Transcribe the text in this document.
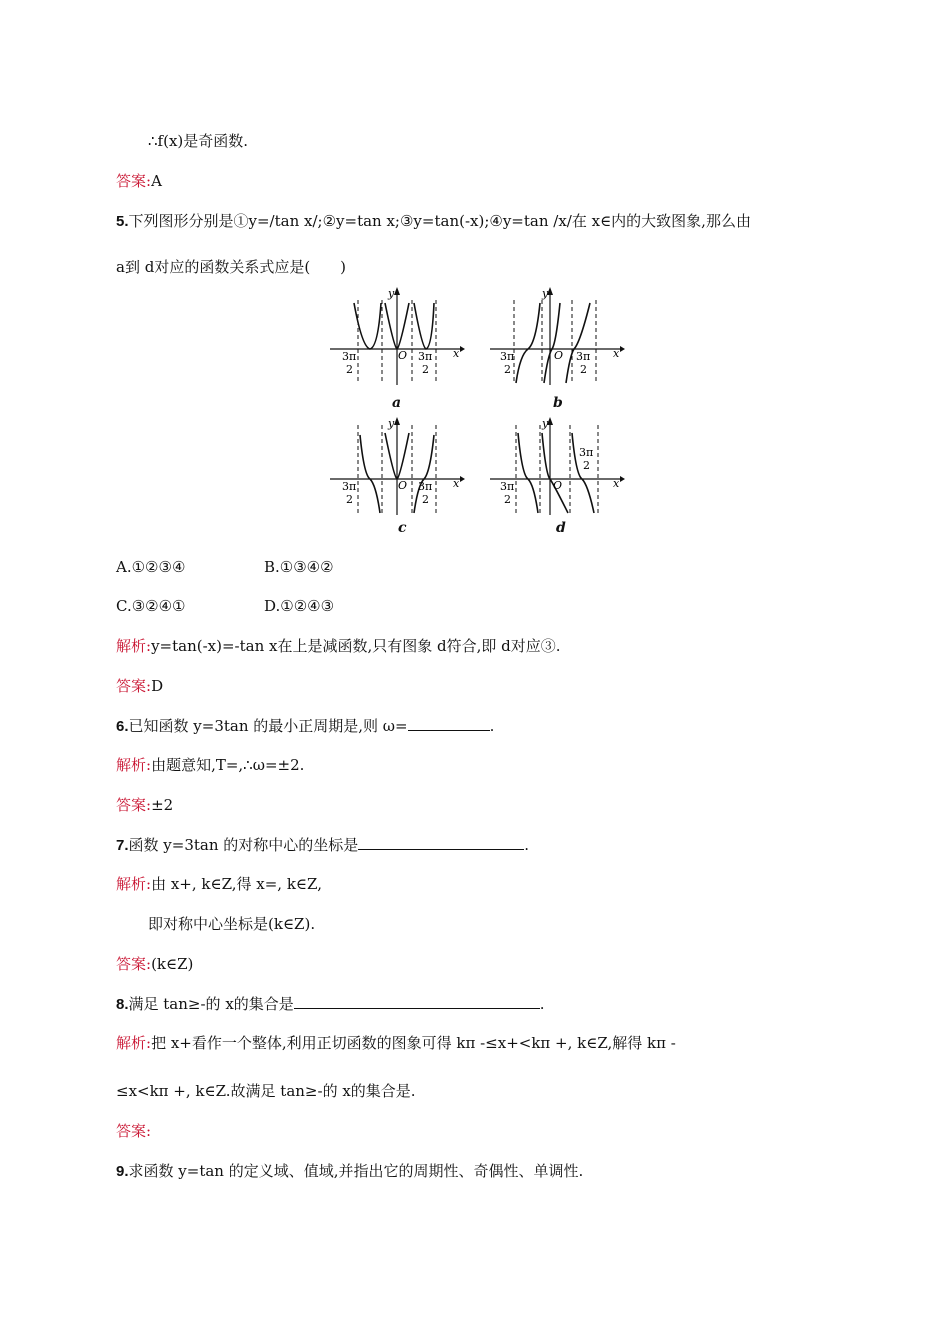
∴f(x)是奇函数.
答案:A
5.下列图形分别是①y=/tan x/;②y=tan x;③y=tan(-x);④y=tan /x/在 x∈内的大致图象,那么由
a到 d对应的函数关系式应是(　　)
3π
2
3π
2
O
y
x
a
3π
2
3π
2
O
y
x
b
3π
2
3π
2
O
y
x
c
3π
2
3π
2
O
y
x
d
A.①②③④	B.①③④②
C.③②④①	D.①②④③
解析:y=tan(-x)=-tan x在上是减函数,只有图象 d符合,即 d对应③.
答案:D
6.已知函数 y=3tan 的最小正周期是,则 ω=	.
解析:由题意知,T=,∴ω=±2.
答案:±2
7.函数 y=3tan 的对称中心的坐标是	.
解析:由 x+, k∈Z,得 x=, k∈Z,
即对称中心坐标是(k∈Z).
答案:(k∈Z)
8.满足 tan≥-的 x的集合是	.
解析:把 x+看作一个整体,利用正切函数的图象可得 kπ -≤x+<kπ +, k∈Z,解得 kπ -
≤x<kπ +, k∈Z.故满足 tan≥-的 x的集合是.
答案:
9.求函数 y=tan 的定义域、值域,并指出它的周期性、奇偶性、单调性.
